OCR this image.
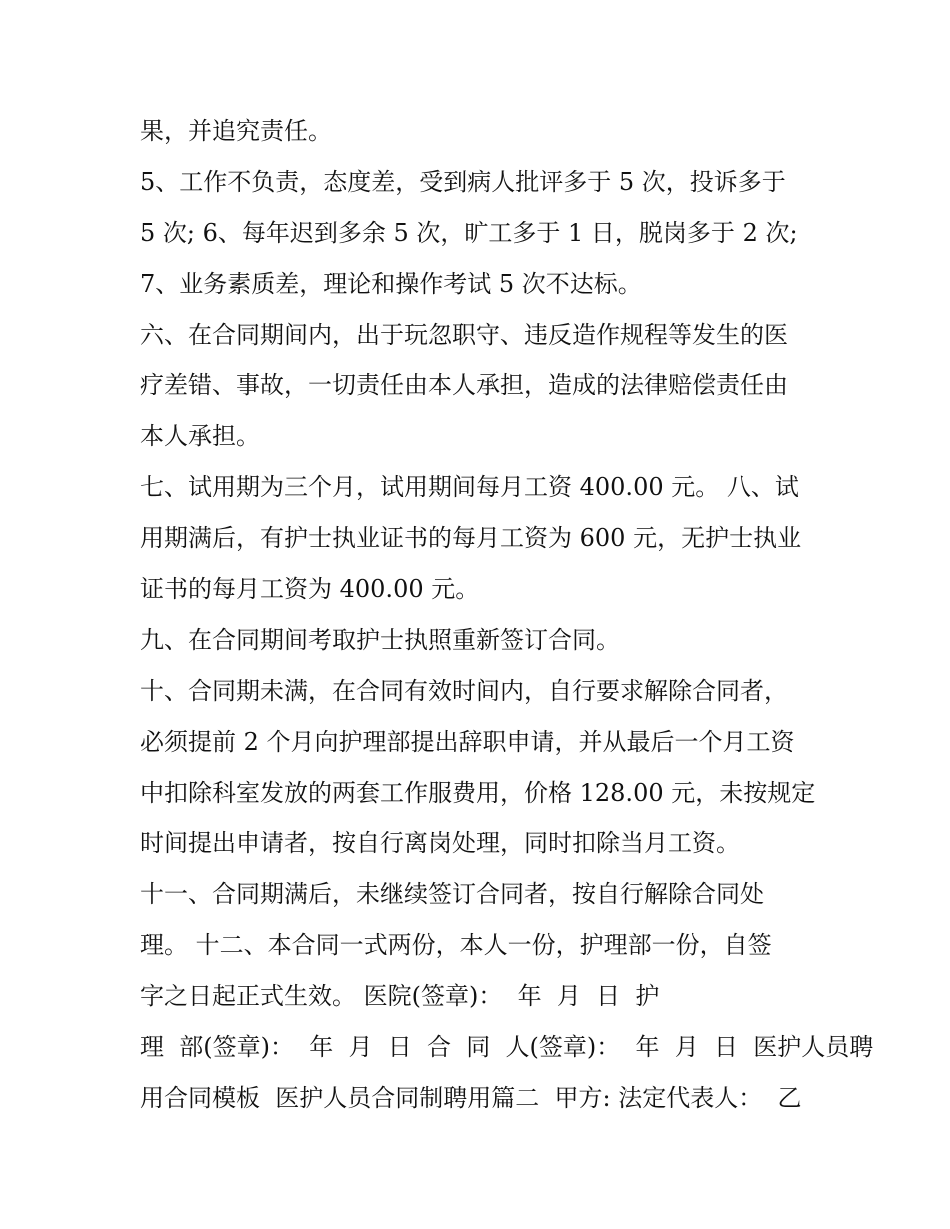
果，并追究责任。
5、工作不负责，态度差，受到病人批评多于 5 次，投诉多于
5 次; 6、每年迟到多余 5 次，旷工多于 1 日，脱岗多于 2 次;
7、业务素质差，理论和操作考试 5 次不达标。
六、在合同期间内，出于玩忽职守、违反造作规程等发生的医
疗差错、事故，一切责任由本人承担，造成的法律赔偿责任由
本人承担。
七、试用期为三个月，试用期间每月工资 400.00 元。 八、试
用期满后，有护士执业证书的每月工资为 600 元，无护士执业
证书的每月工资为 400.00 元。
九、在合同期间考取护士执照重新签订合同。
十、合同期未满，在合同有效时间内，自行要求解除合同者，
必须提前 2 个月向护理部提出辞职申请，并从最后一个月工资
中扣除科室发放的两套工作服费用，价格 128.00 元，未按规定
时间提出申请者，按自行离岗处理，同时扣除当月工资。
十一、合同期满后，未继续签订合同者，按自行解除合同处
理。 十二、本合同一式两份，本人一份，护理部一份，自签
字之日起正式生效。 医院(签章)：  年  月  日  护
理  部(签章)：  年  月  日  合  同  人(签章)：  年  月  日  医护人员聘
用合同模板  医护人员合同制聘用篇二  甲方: 法定代表人：  乙
